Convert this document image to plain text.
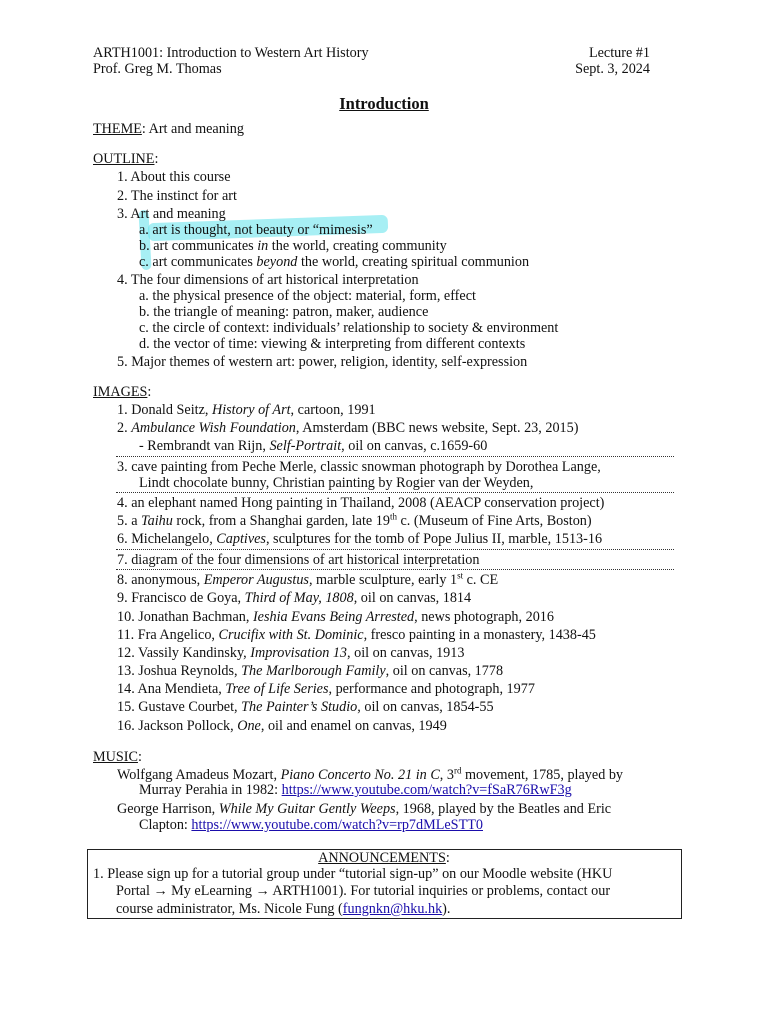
ARTH1001: Introduction to Western Art History	Lecture #1
Prof. Greg M. Thomas	Sept. 3, 2024
Introduction
THEME: Art and meaning
OUTLINE:
1. About this course
2. The instinct for art
3. Art and meaning
a. art is thought, not beauty or “mimesis”
b. art communicates in the world, creating community
c. art communicates beyond the world, creating spiritual communion
4. The four dimensions of art historical interpretation
a. the physical presence of the object: material, form, effect
b. the triangle of meaning: patron, maker, audience
c. the circle of context: individuals’ relationship to society & environment
d. the vector of time: viewing & interpreting from different contexts
5. Major themes of western art: power, religion, identity, self-expression
IMAGES:
1. Donald Seitz, History of Art, cartoon, 1991
2. Ambulance Wish Foundation, Amsterdam (BBC news website, Sept. 23, 2015)
- Rembrandt van Rijn, Self-Portrait, oil on canvas, c.1659-60
3. cave painting from Peche Merle, classic snowman photograph by Dorothea Lange,
Lindt chocolate bunny, Christian painting by Rogier van der Weyden,
4. an elephant named Hong painting in Thailand, 2008 (AEACP conservation project)
5. a Taihu rock, from a Shanghai garden, late 19th c. (Museum of Fine Arts, Boston)
6. Michelangelo, Captives, sculptures for the tomb of Pope Julius II, marble, 1513-16
7. diagram of the four dimensions of art historical interpretation
8. anonymous, Emperor Augustus, marble sculpture, early 1st c. CE
9. Francisco de Goya, Third of May, 1808, oil on canvas, 1814
10. Jonathan Bachman, Ieshia Evans Being Arrested, news photograph, 2016
11. Fra Angelico, Crucifix with St. Dominic, fresco painting in a monastery, 1438-45
12. Vassily Kandinsky, Improvisation 13, oil on canvas, 1913
13. Joshua Reynolds, The Marlborough Family, oil on canvas, 1778
14. Ana Mendieta, Tree of Life Series, performance and photograph, 1977
15. Gustave Courbet, The Painter’s Studio, oil on canvas, 1854-55
16. Jackson Pollock, One, oil and enamel on canvas, 1949
MUSIC:
Wolfgang Amadeus Mozart, Piano Concerto No. 21 in C, 3rd movement, 1785, played by
Murray Perahia in 1982: https://www.youtube.com/watch?v=fSaR76RwF3g
George Harrison, While My Guitar Gently Weeps, 1968, played by the Beatles and Eric
Clapton: https://www.youtube.com/watch?v=rp7dMLeSTT0
ANNOUNCEMENTS:
1. Please sign up for a tutorial group under “tutorial sign-up” on our Moodle website (HKU
Portal → My eLearning → ARTH1001). For tutorial inquiries or problems, contact our
course administrator, Ms. Nicole Fung (fungnkn@hku.hk).
